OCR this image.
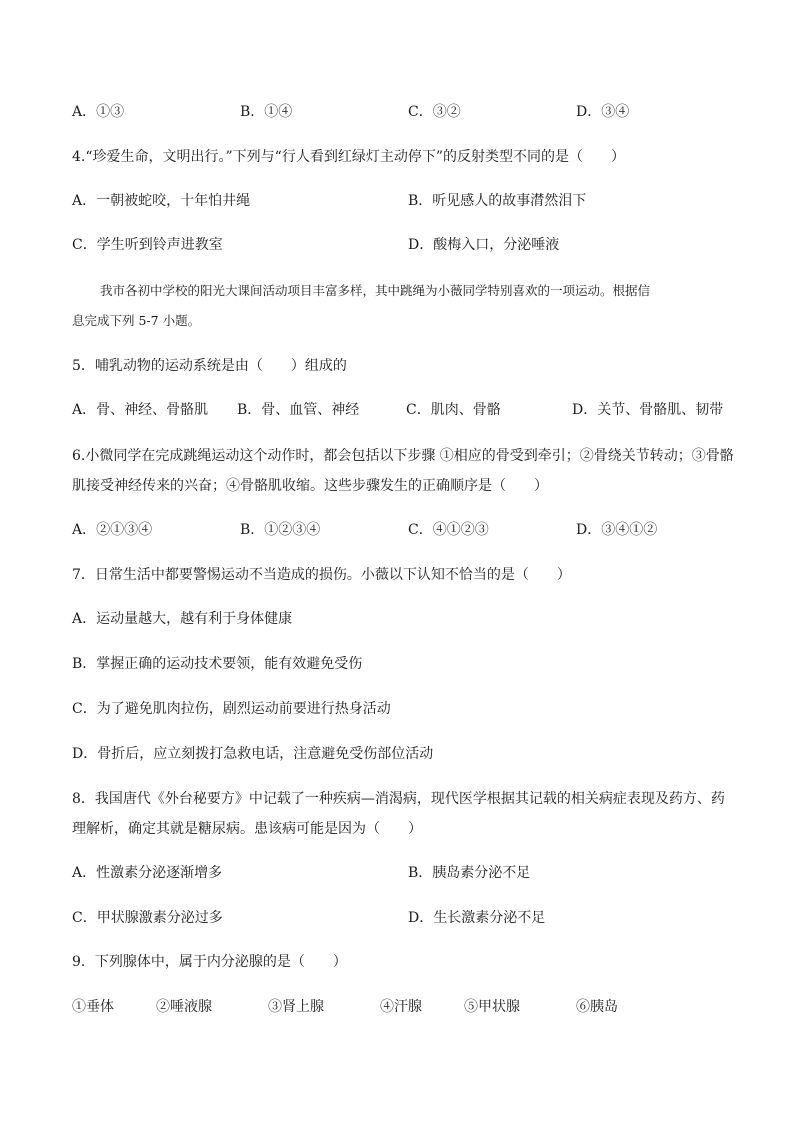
A．①③	B．①④	C．③②	D．③④
4.“珍爱生命，文明出行。”下列与“行人看到红绿灯主动停下”的反射类型不同的是（　　）
A．一朝被蛇咬，十年怕井绳	B．听见感人的故事潸然泪下
C．学生听到铃声进教室	D．酸梅入口，分泌唾液
我市各初中学校的阳光大课间活动项目丰富多样，其中跳绳为小薇同学特别喜欢的一项运动。根据信
息完成下列 5-7 小题。
5．哺乳动物的运动系统是由（　　）组成的
A．骨、神经、骨骼肌 B．骨、血管、神经	C．肌肉、骨骼	D．关节、骨骼肌、韧带
6.小微同学在完成跳绳运动这个动作时，都会包括以下步骤 ①相应的骨受到牵引；②骨绕关节转动；③骨骼
肌接受神经传来的兴奋；④骨骼肌收缩。这些步骤发生的正确顺序是（　　）
A．②①③④	B．①②③④	C．④①②③	D．③④①②
7．日常生活中都要警惕运动不当造成的损伤。小薇以下认知不恰当的是（　　）
A．运动量越大，越有利于身体健康
B．掌握正确的运动技术要领，能有效避免受伤
C．为了避免肌肉拉伤，剧烈运动前要进行热身活动
D．骨折后，应立刻拨打急救电话，注意避免受伤部位活动
8．我国唐代《外台秘要方》中记载了一种疾病—消渴病，现代医学根据其记载的相关病症表现及药方、药
理解析，确定其就是糖尿病。患该病可能是因为（　　）
A．性激素分泌逐渐增多	B．胰岛素分泌不足
C．甲状腺激素分泌过多	D．生长激素分泌不足
9．下列腺体中，属于内分泌腺的是（　　）
①垂体	②唾液腺	③肾上腺	④汗腺	⑤甲状腺	⑥胰岛
